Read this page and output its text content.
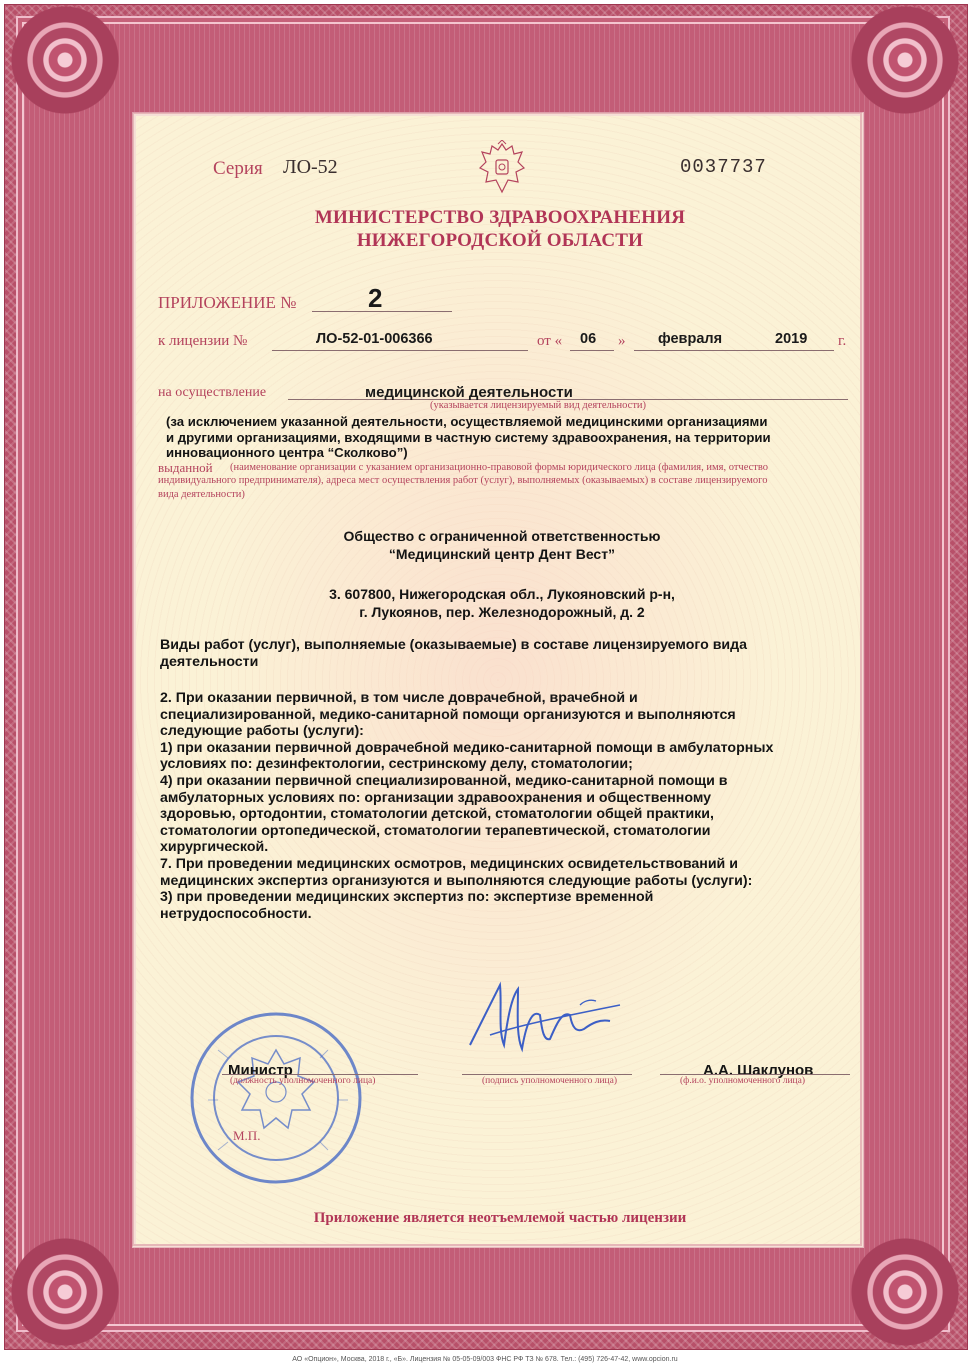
Серия ЛО-52	0037737
МИНИСТЕРСТВО ЗДРАВООХРАНЕНИЯ
НИЖЕГОРОДСКОЙ ОБЛАСТИ
ПРИЛОЖЕНИЕ №	2
к лицензии №	ЛО-52-01-006366	от « 06 » февраля	2019 г.
на осуществление	медицинской деятельности
(указывается лицензируемый вид деятельности)
(за исключением указанной деятельности, осуществляемой медицинскими организациями
и другими организациями, входящими в частную систему здравоохранения, на территории
инновационного центра “Сколково”)
выданной (наименование организации с указанием организационно-правовой формы юридического лица (фамилия, имя, отчество
индивидуального предпринимателя), адреса мест осуществления работ (услуг), выполняемых (оказываемых) в составе лицензируемого
вида деятельности)
Общество с ограниченной ответственностью
“Медицинский центр Дент Вест”
3. 607800, Нижегородская обл., Лукояновский р-н,
г. Лукоянов, пер. Железнодорожный, д. 2
Виды работ (услуг), выполняемые (оказываемые) в составе лицензируемого вида
деятельности
2. При оказании первичной, в том числе доврачебной, врачебной и
специализированной, медико-санитарной помощи организуются и выполняются
следующие работы (услуги):
1) при оказании первичной доврачебной медико-санитарной помощи в амбулаторных
условиях по: дезинфектологии, сестринскому делу, стоматологии;
4) при оказании первичной специализированной, медико-санитарной помощи в
амбулаторных условиях по: организации здравоохранения и общественному
здоровью, ортодонтии, стоматологии детской, стоматологии общей практики,
стоматологии ортопедической, стоматологии терапевтической, стоматологии
хирургической.
7. При проведении медицинских осмотров, медицинских освидетельствований и
медицинских экспертиз организуются и выполняются следующие работы (услуги):
3) при проведении медицинских экспертиз по: экспертизе временной
нетрудоспособности.
Министр
(должность уполномоченного лица)	(подпись уполномоченного лица)
А.А. Шаклунов
(ф.и.о. уполномоченного лица)
М.П.
Приложение является неотъемлемой частью лицензии
АО «Опцион», Москва, 2018 г., «Б». Лицензия № 05-05-09/003 ФНС РФ ТЗ № 678. Тел.: (495) 726-47-42, www.opcion.ru
